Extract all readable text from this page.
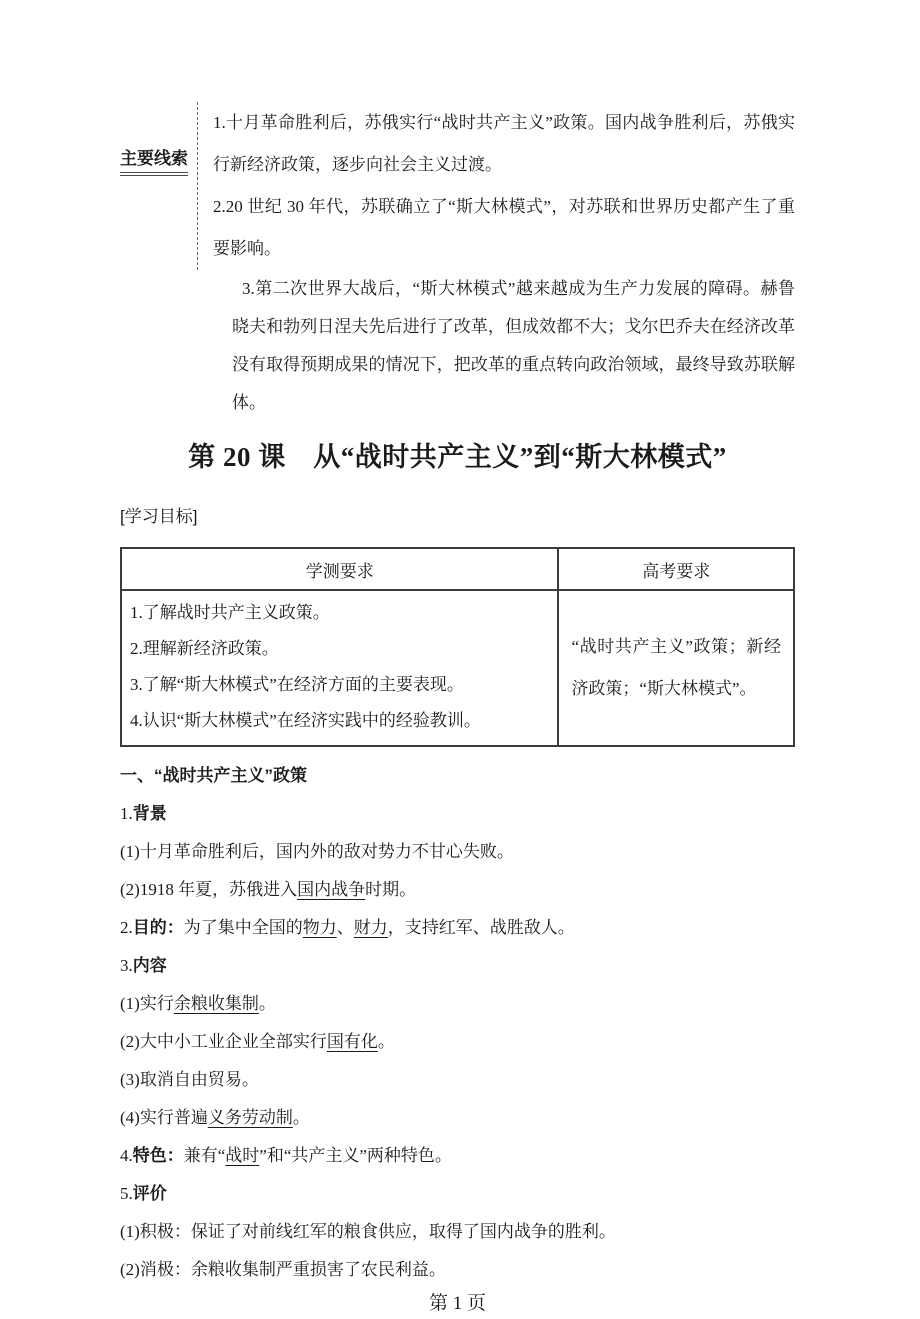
主要线索

1.十月革命胜利后，苏俄实行“战时共产主义”政策。国内战争胜利后，苏俄实行新经济政策，逐步向社会主义过渡。

2.20 世纪 30 年代，苏联确立了“斯大林模式”，对苏联和世界历史都产生了重要影响。

3.第二次世界大战后，“斯大林模式”越来越成为生产力发展的障碍。赫鲁晓夫和勃列日涅夫先后进行了改革，但成效都不大；戈尔巴乔夫在经济改革没有取得预期成果的情况下，把改革的重点转向政治领域，最终导致苏联解体。

第 20 课　从“战时共产主义”到“斯大林模式”

[学习目标]

学测要求	高考要求

1.了解战时共产主义政策。

2.理解新经济政策。

3.了解“斯大林模式”在经济方面的主要表现。

4.认识“斯大林模式”在经济实践中的经验教训。	“战时共产主义”政策；新经济政策；“斯大林模式”。

一、“战时共产主义”政策

1.背景

(1)十月革命胜利后，国内外的敌对势力不甘心失败。

(2)1918 年夏，苏俄进入国内战争时期。

2.目的：为了集中全国的物力、财力，支持红军、战胜敌人。

3.内容

(1)实行余粮收集制。

(2)大中小工业企业全部实行国有化。

(3)取消自由贸易。

(4)实行普遍义务劳动制。

4.特色：兼有“战时”和“共产主义”两种特色。

5.评价

(1)积极：保证了对前线红军的粮食供应，取得了国内战争的胜利。

(2)消极：余粮收集制严重损害了农民利益。

第 1 页
